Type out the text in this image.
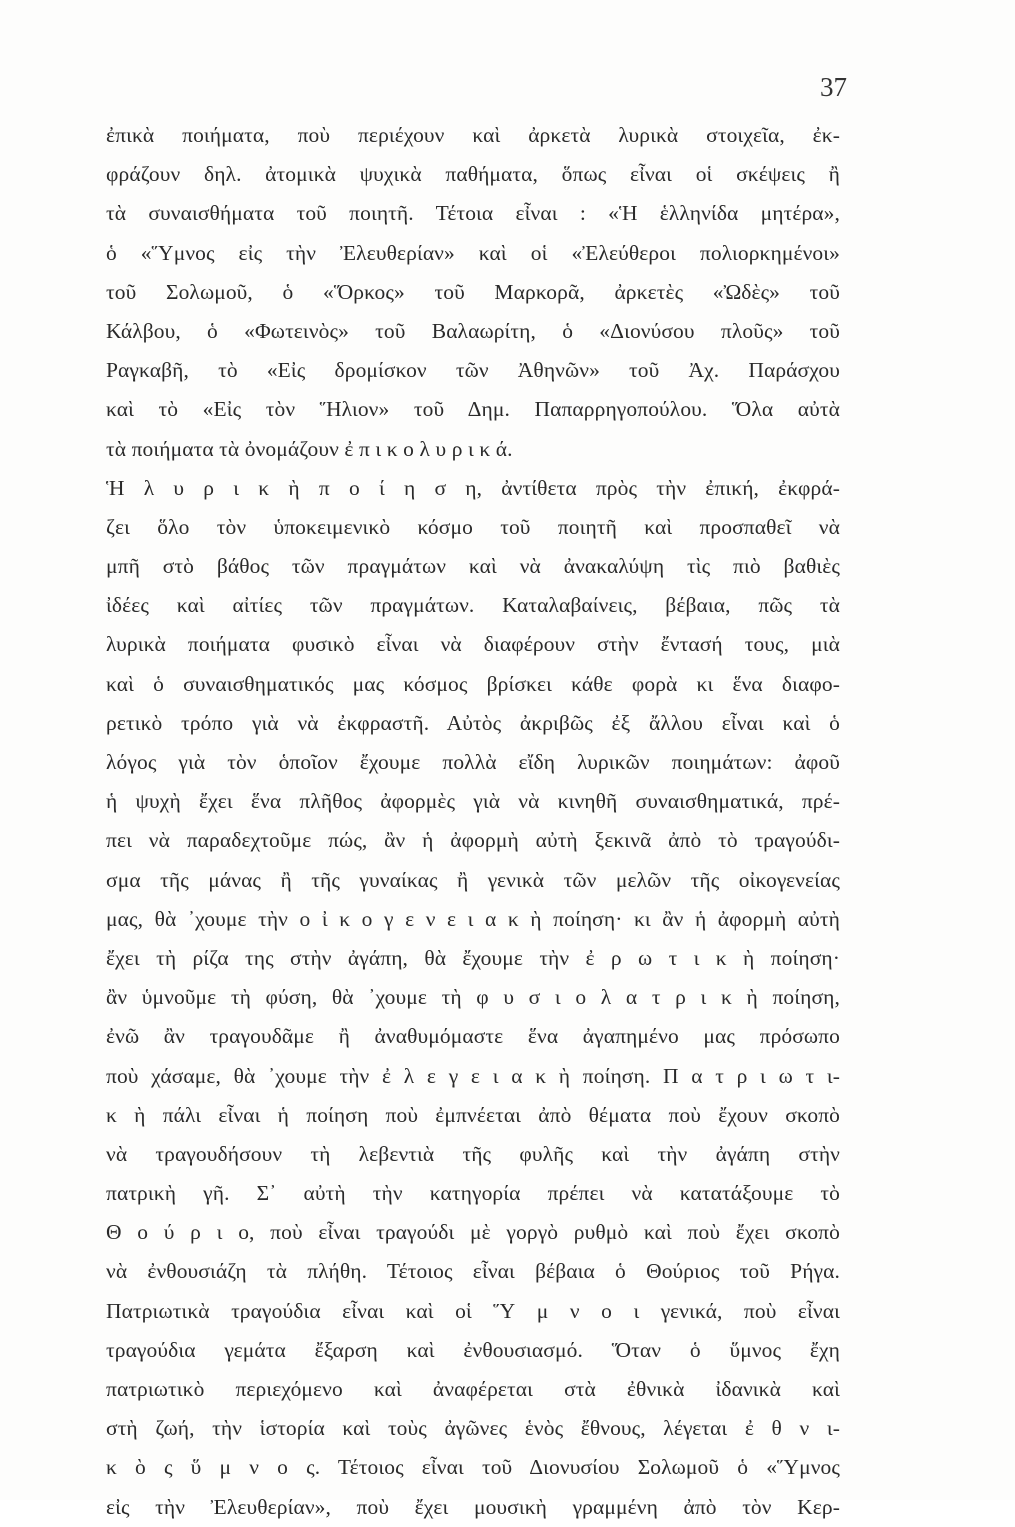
37
ἐπικὰ ποιήματα, ποὺ περιέχουν καὶ ἀρκετὰ λυρικὰ στοιχεῖα, ἐκ-
φράζουν δηλ. ἀτομικὰ ψυχικὰ παθήματα, ὅπως εἶναι οἱ σκέψεις ἢ
τὰ συναισθήματα τοῦ ποιητῆ. Τέτοια εἶναι : «Ἡ ἑλληνίδα μητέρα»,
ὁ «Ὕμνος εἰς τὴν Ἐλευθερίαν» καὶ οἱ «Ἐλεύθεροι πολιορκημένοι»
τοῦ Σολωμοῦ, ὁ «Ὅρκος» τοῦ Μαρκορᾶ, ἀρκετὲς «Ὠδὲς» τοῦ
Κάλβου, ὁ «Φωτεινὸς» τοῦ Βαλαωρίτη, ὁ «Διονύσου πλοῦς» τοῦ
Ραγκαβῆ, τὸ «Εἰς δρομίσκον τῶν Ἀθηνῶν» τοῦ Ἀχ. Παράσχου
καὶ τὸ «Εἰς τὸν Ἥλιον» τοῦ Δημ. Παπαρρηγοπούλου. Ὅλα αὐτὰ
τὰ ποιήματα τὰ ὀνομάζουν ἐ π ι κ ο λ υ ρ ι κ ά.
Ἡ λ υ ρ ι κ ὴ π ο ί η σ η, ἀντίθετα πρὸς τὴν ἐπική, ἐκφρά-
ζει ὅλο τὸν ὑποκειμενικὸ κόσμο τοῦ ποιητῆ καὶ προσπαθεῖ νὰ
μπῆ στὸ βάθος τῶν πραγμάτων καὶ νὰ ἀνακαλύψη τὶς πιὸ βαθιὲς
ἰδέες καὶ αἰτίες τῶν πραγμάτων. Καταλαβαίνεις, βέβαια, πῶς τὰ
λυρικὰ ποιήματα φυσικὸ εἶναι νὰ διαφέρουν στὴν ἔντασή τους, μιὰ
καὶ ὁ συναισθηματικός μας κόσμος βρίσκει κάθε φορὰ κι ἕνα διαφο-
ρετικὸ τρόπο γιὰ νὰ ἐκφραστῆ. Αὐτὸς ἀκριβῶς ἐξ ἄλλου εἶναι καὶ ὁ
λόγος γιὰ τὸν ὁποῖον ἔχουμε πολλὰ εἴδη λυρικῶν ποιημάτων: ἀφοῦ
ἡ ψυχὴ ἔχει ἕνα πλῆθος ἀφορμὲς γιὰ νὰ κινηθῆ συναισθηματικά, πρέ-
πει νὰ παραδεχτοῦμε πώς, ἂν ἡ ἀφορμὴ αὐτὴ ξεκινᾶ ἀπὸ τὸ τραγούδι-
σμα τῆς μάνας ἢ τῆς γυναίκας ἢ γενικὰ τῶν μελῶν τῆς οἰκογενείας
μας, θὰ ᾽χουμε τὴν ο ἰ κ ο γ ε ν ε ι α κ ὴ ποίηση· κι ἂν ἡ ἀφορμὴ αὐτὴ
ἔχει τὴ ρίζα της στὴν ἀγάπη, θὰ ἔχουμε τὴν ἐ ρ ω τ ι κ ὴ ποίηση·
ἂν ὑμνοῦμε τὴ φύση, θὰ ᾽χουμε τὴ φ υ σ ι ο λ α τ ρ ι κ ὴ ποίηση,
ἐνῶ ἂν τραγουδᾶμε ἢ ἀναθυμόμαστε ἕνα ἀγαπημένο μας πρόσωπο
ποὺ χάσαμε, θὰ ᾽χουμε τὴν ἐ λ ε γ ε ι α κ ὴ ποίηση. Π α τ ρ ι ω τ ι-
κ ὴ πάλι εἶναι ἡ ποίηση ποὺ ἐμπνέεται ἀπὸ θέματα ποὺ ἔχουν σκοπὸ
νὰ τραγουδήσουν τὴ λεβεντιὰ τῆς φυλῆς καὶ τὴν ἀγάπη στὴν
πατρικὴ γῆ. Σ᾽ αὐτὴ τὴν κατηγορία πρέπει νὰ κατατάξουμε τὸ
Θ ο ύ ρ ι ο, ποὺ εἶναι τραγούδι μὲ γοργὸ ρυθμὸ καὶ ποὺ ἔχει σκοπὸ
νὰ ἐνθουσιάζη τὰ πλήθη. Τέτοιος εἶναι βέβαια ὁ Θούριος τοῦ Ρήγα.
Πατριωτικὰ τραγούδια εἶναι καὶ οἱ Ὕ μ ν ο ι γενικά, ποὺ εἶναι
τραγούδια γεμάτα ἔξαρση καὶ ἐνθουσιασμό. Ὅταν ὁ ὕμνος ἔχη
πατριωτικὸ περιεχόμενο καὶ ἀναφέρεται στὰ ἐθνικὰ ἰδανικὰ καὶ
στὴ ζωή, τὴν ἱστορία καὶ τοὺς ἀγῶνες ἑνὸς ἔθνους, λέγεται ἐ θ ν ι-
κ ὸ ς ὕ μ ν ο ς. Τέτοιος εἶναι τοῦ Διονυσίου Σολωμοῦ ὁ «Ὕμνος
εἰς τὴν Ἐλευθερίαν», ποὺ ἔχει μουσικὴ γραμμένη ἀπὸ τὸν Κερ-
